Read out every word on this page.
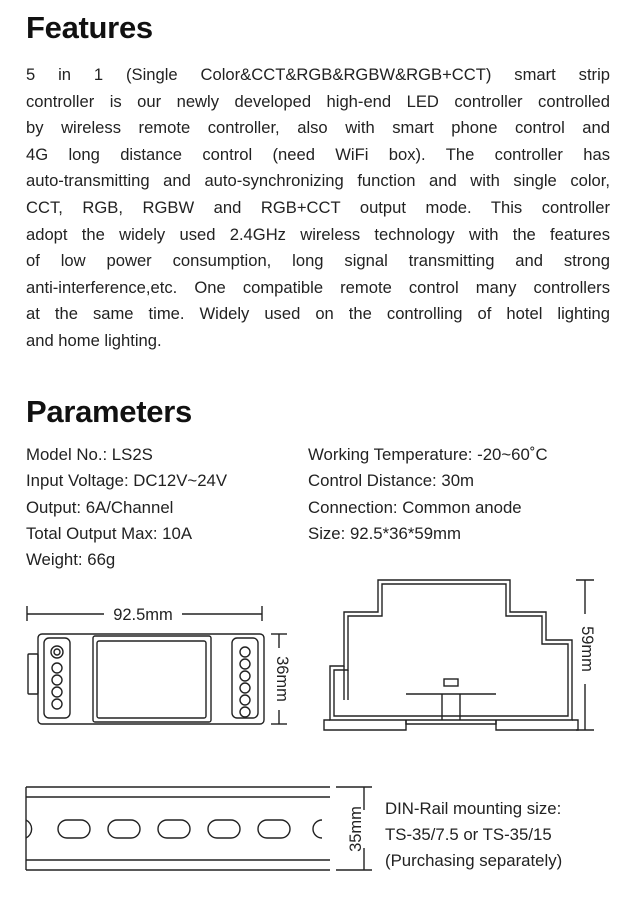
Features
5 in 1 (Single Color&CCT&RGB&RGBW&RGB+CCT) smart strip
controller is our newly developed high-end LED controller controlled
by wireless remote controller, also with smart phone control and
4G long distance control (need WiFi box). The controller has
auto-transmitting and auto-synchronizing function and with single color,
CCT, RGB, RGBW and RGB+CCT output mode. This controller
adopt the widely used 2.4GHz wireless technology with the features
of low power consumption, long signal transmitting and strong
anti-interference,etc. One compatible remote control many controllers
at the same time. Widely used on the controlling of hotel lighting
and home lighting.
Parameters
Model No.: LS2S
Input Voltage: DC12V~24V
Output: 6A/Channel
Total Output Max: 10A
Weight: 66g
Working Temperature: -20~60˚C
Control Distance: 30m
Connection: Common anode
Size: 92.5*36*59mm
92.5mm
36mm
59mm
35mm DIN-Rail mounting size:
TS-35/7.5 or TS-35/15
(Purchasing separately)
